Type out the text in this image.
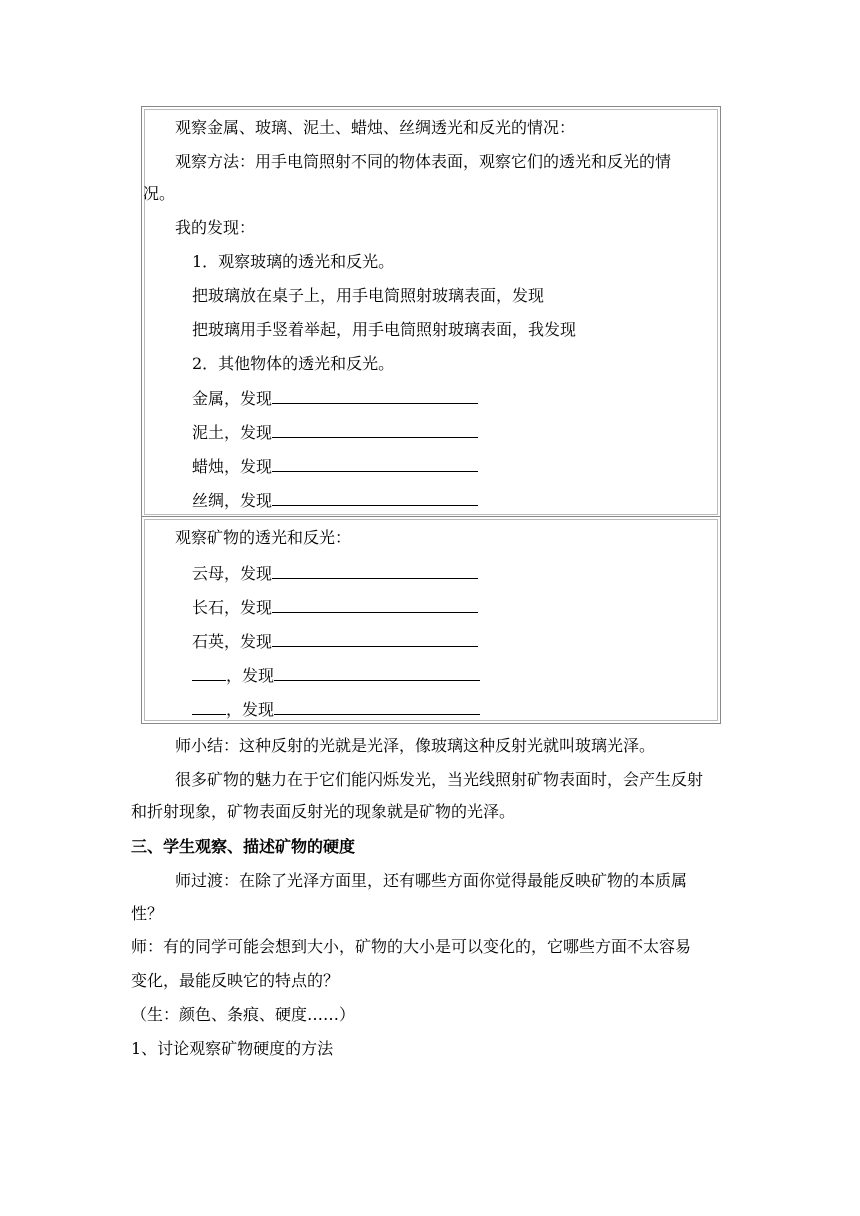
观察金属、玻璃、泥土、蜡烛、丝绸透光和反光的情况：
观察方法：用手电筒照射不同的物体表面，观察它们的透光和反光的情
况。
我的发现：
1．观察玻璃的透光和反光。
把玻璃放在桌子上，用手电筒照射玻璃表面，发现
把玻璃用手竖着举起，用手电筒照射玻璃表面，我发现
2．其他物体的透光和反光。
金属，发现
泥土，发现
蜡烛，发现
丝绸，发现
观察矿物的透光和反光：
云母，发现
长石，发现
石英，发现
，发现
，发现
师小结：这种反射的光就是光泽，像玻璃这种反射光就叫玻璃光泽。
很多矿物的魅力在于它们能闪烁发光，当光线照射矿物表面时，会产生反射
和折射现象，矿物表面反射光的现象就是矿物的光泽。
三、学生观察、描述矿物的硬度
师过渡：在除了光泽方面里，还有哪些方面你觉得最能反映矿物的本质属
性？
师：有的同学可能会想到大小，矿物的大小是可以变化的，它哪些方面不太容易
变化，最能反映它的特点的？
（生：颜色、条痕、硬度……）
1、讨论观察矿物硬度的方法
